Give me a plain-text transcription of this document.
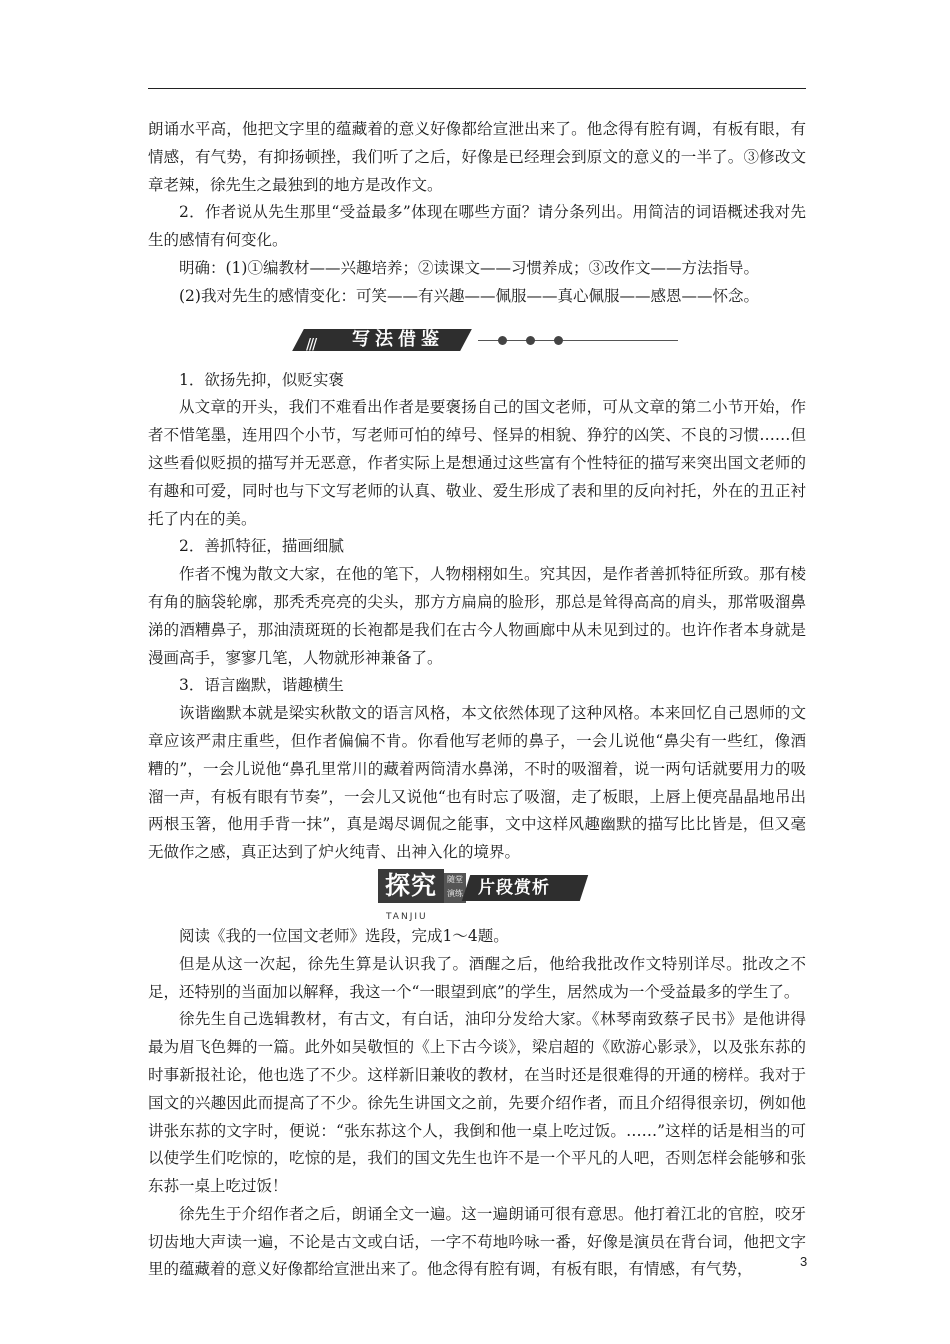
朗诵水平高，他把文字里的蕴藏着的意义好像都给宣泄出来了。他念得有腔有调，有板有眼，有情感，有气势，有抑扬顿挫，我们听了之后，好像是已经理会到原文的意义的一半了。③修改文章老辣，徐先生之最独到的地方是改作文。

2．作者说从先生那里“受益最多”体现在哪些方面？请分条列出。用简洁的词语概述我对先生的感情有何变化。

明确：(1)①编教材——兴趣培养；②读课文——习惯养成；③改作文——方法指导。

(2)我对先生的感情变化：可笑——有兴趣——佩服——真心佩服——感恩——怀念。

/// 写法借鉴

1．欲扬先抑，似贬实褒

从文章的开头，我们不难看出作者是要褒扬自己的国文老师，可从文章的第二小节开始，作者不惜笔墨，连用四个小节，写老师可怕的绰号、怪异的相貌、狰狞的凶笑、不良的习惯……但这些看似贬损的描写并无恶意，作者实际上是想通过这些富有个性特征的描写来突出国文老师的有趣和可爱，同时也与下文写老师的认真、敬业、爱生形成了表和里的反向衬托，外在的丑正衬托了内在的美。

2．善抓特征，描画细腻

作者不愧为散文大家，在他的笔下，人物栩栩如生。究其因，是作者善抓特征所致。那有棱有角的脑袋轮廓，那秃秃亮亮的尖头，那方方扁扁的脸形，那总是耸得高高的肩头，那常吸溜鼻涕的酒糟鼻子，那油渍斑斑的长袍都是我们在古今人物画廊中从未见到过的。也许作者本身就是漫画高手，寥寥几笔，人物就形神兼备了。

3．语言幽默，谐趣横生

诙谐幽默本就是梁实秋散文的语言风格，本文依然体现了这种风格。本来回忆自己恩师的文章应该严肃庄重些，但作者偏偏不肯。你看他写老师的鼻子，一会儿说他“鼻尖有一些红，像酒糟的”，一会儿说他“鼻孔里常川的藏着两筒清水鼻涕，不时的吸溜着，说一两句话就要用力的吸溜一声，有板有眼有节奏”，一会儿又说他“也有时忘了吸溜，走了板眼，上唇上便亮晶晶地吊出两根玉箸，他用手背一抹”，真是竭尽调侃之能事，文中这样风趣幽默的描写比比皆是，但又毫无做作之感，真正达到了炉火纯青、出神入化的境界。

探究	随堂
演练 片段赏析
TANJIU

阅读《我的一位国文老师》选段，完成1～4题。

但是从这一次起，徐先生算是认识我了。酒醒之后，他给我批改作文特别详尽。批改之不足，还特别的当面加以解释，我这一个“一眼望到底”的学生，居然成为一个受益最多的学生了。

徐先生自己选辑教材，有古文，有白话，油印分发给大家。《林琴南致蔡孑民书》是他讲得最为眉飞色舞的一篇。此外如吴敬恒的《上下古今谈》，梁启超的《欧游心影录》，以及张东荪的时事新报社论，他也选了不少。这样新旧兼收的教材，在当时还是很难得的开通的榜样。我对于国文的兴趣因此而提高了不少。徐先生讲国文之前，先要介绍作者，而且介绍得很亲切，例如他讲张东荪的文字时，便说：“张东荪这个人，我倒和他一桌上吃过饭。……”这样的话是相当的可以使学生们吃惊的，吃惊的是，我们的国文先生也许不是一个平凡的人吧，否则怎样会能够和张东荪一桌上吃过饭！

徐先生于介绍作者之后，朗诵全文一遍。这一遍朗诵可很有意思。他打着江北的官腔，咬牙切齿地大声读一遍，不论是古文或白话，一字不苟地吟咏一番，好像是演员在背台词，他把文字里的蕴藏着的意义好像都给宣泄出来了。他念得有腔有调，有板有眼，有情感，有气势，	3
